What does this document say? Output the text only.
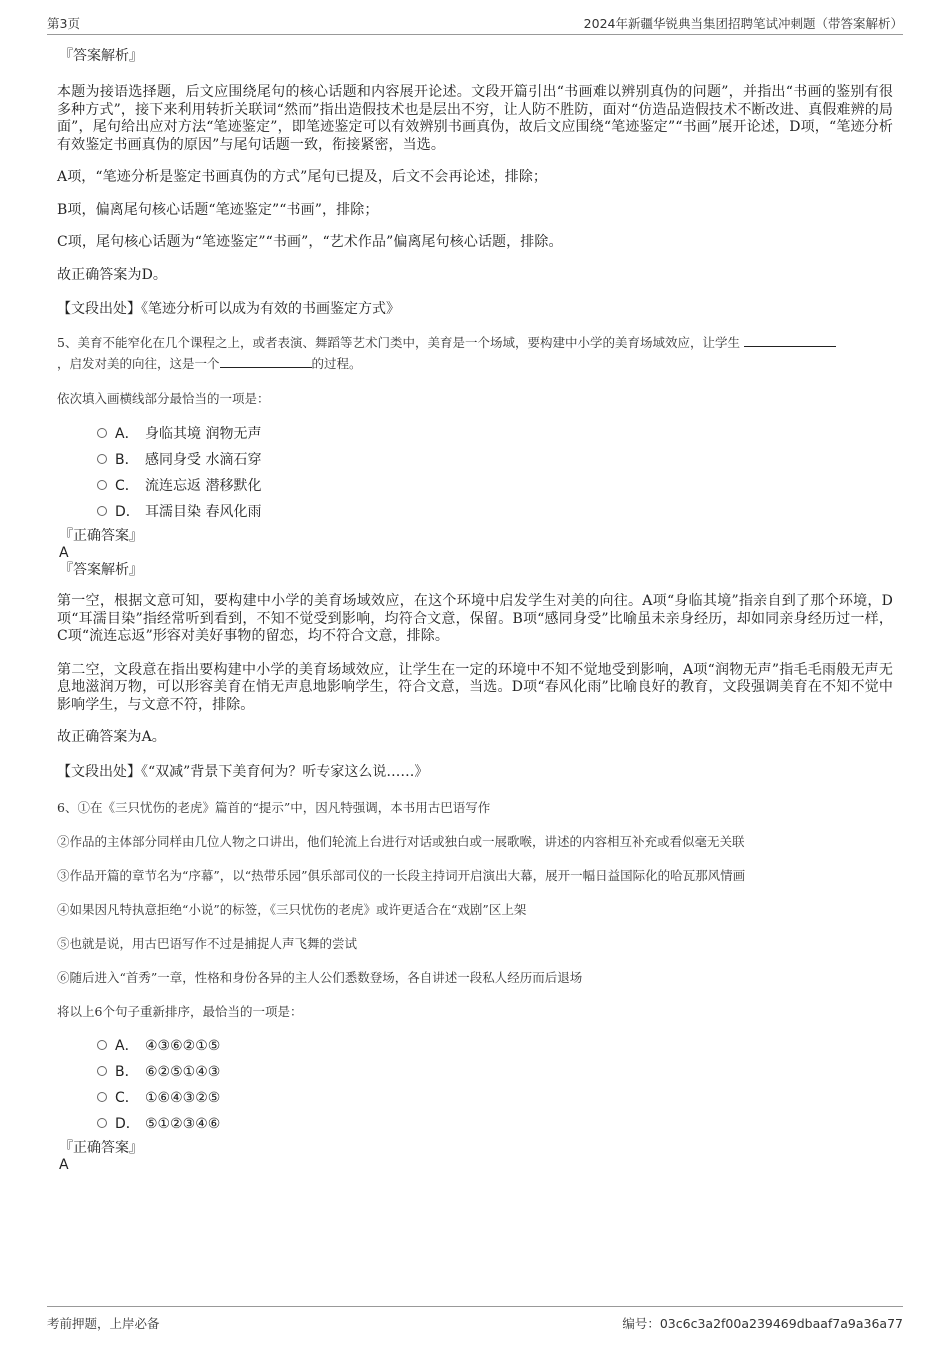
第3页	2024年新疆华锐典当集团招聘笔试冲刺题（带答案解析）
『答案解析』

本题为接语选择题，后文应围绕尾句的核心话题和内容展开论述。文段开篇引出“书画难以辨别真伪的问题”，并指出“书画的鉴别有很多种方式”，接下来利用转折关联词“然而”指出造假技术也是层出不穷，让人防不胜防，面对“仿造品造假技术不断改进、真假难辨的局面”，尾句给出应对方法“笔迹鉴定”，即笔迹鉴定可以有效辨别书画真伪，故后文应围绕“笔迹鉴定”“书画”展开论述，D项，“笔迹分析有效鉴定书画真伪的原因”与尾句话题一致，衔接紧密，当选。

A项，“笔迹分析是鉴定书画真伪的方式”尾句已提及，后文不会再论述，排除；

B项，偏离尾句核心话题“笔迹鉴定”“书画”，排除；

C项，尾句核心话题为“笔迹鉴定”“书画”，“艺术作品”偏离尾句核心话题，排除。

故正确答案为D。

【文段出处】《笔迹分析可以成为有效的书画鉴定方式》

5、美育不能窄化在几个课程之上，或者表演、舞蹈等艺术门类中，美育是一个场域，要构建中小学的美育场域效应，让学生
，启发对美的向往，这是一个	的过程。

依次填入画横线部分最恰当的一项是：

A． 身临其境 润物无声
B． 感同身受 水滴石穿
C． 流连忘返 潜移默化
D． 耳濡目染 春风化雨
『正确答案』
A
『答案解析』

第一空，根据文意可知，要构建中小学的美育场域效应，在这个环境中启发学生对美的向往。A项“身临其境”指亲自到了那个环境，D项“耳濡目染”指经常听到看到，不知不觉受到影响，均符合文意，保留。B项“感同身受”比喻虽未亲身经历，却如同亲身经历过一样，C项“流连忘返”形容对美好事物的留恋，均不符合文意，排除。

第二空，文段意在指出要构建中小学的美育场域效应，让学生在一定的环境中不知不觉地受到影响，A项“润物无声”指毛毛雨般无声无息地滋润万物，可以形容美育在悄无声息地影响学生，符合文意，当选。D项“春风化雨”比喻良好的教育，文段强调美育在不知不觉中影响学生，与文意不符，排除。

故正确答案为A。

【文段出处】《“双减”背景下美育何为？听专家这么说……》

6、①在《三只忧伤的老虎》篇首的“提示”中，因凡特强调，本书用古巴语写作

②作品的主体部分同样由几位人物之口讲出，他们轮流上台进行对话或独白或一展歌喉，讲述的内容相互补充或看似毫无关联

③作品开篇的章节名为“序幕”，以“热带乐园”俱乐部司仪的一长段主持词开启演出大幕，展开一幅日益国际化的哈瓦那风情画

④如果因凡特执意拒绝“小说”的标签，《三只忧伤的老虎》或许更适合在“戏剧”区上架

⑤也就是说，用古巴语写作不过是捕捉人声飞舞的尝试

⑥随后进入“首秀”一章，性格和身份各异的主人公们悉数登场，各自讲述一段私人经历而后退场

将以上6个句子重新排序，最恰当的一项是：

A． ④③⑥②①⑤
B． ⑥②⑤①④③
C． ①⑥④③②⑤
D． ⑤①②③④⑥
『正确答案』
A
考前押题，上岸必备	编号：03c6c3a2f00a239469dbaaf7a9a36a77
